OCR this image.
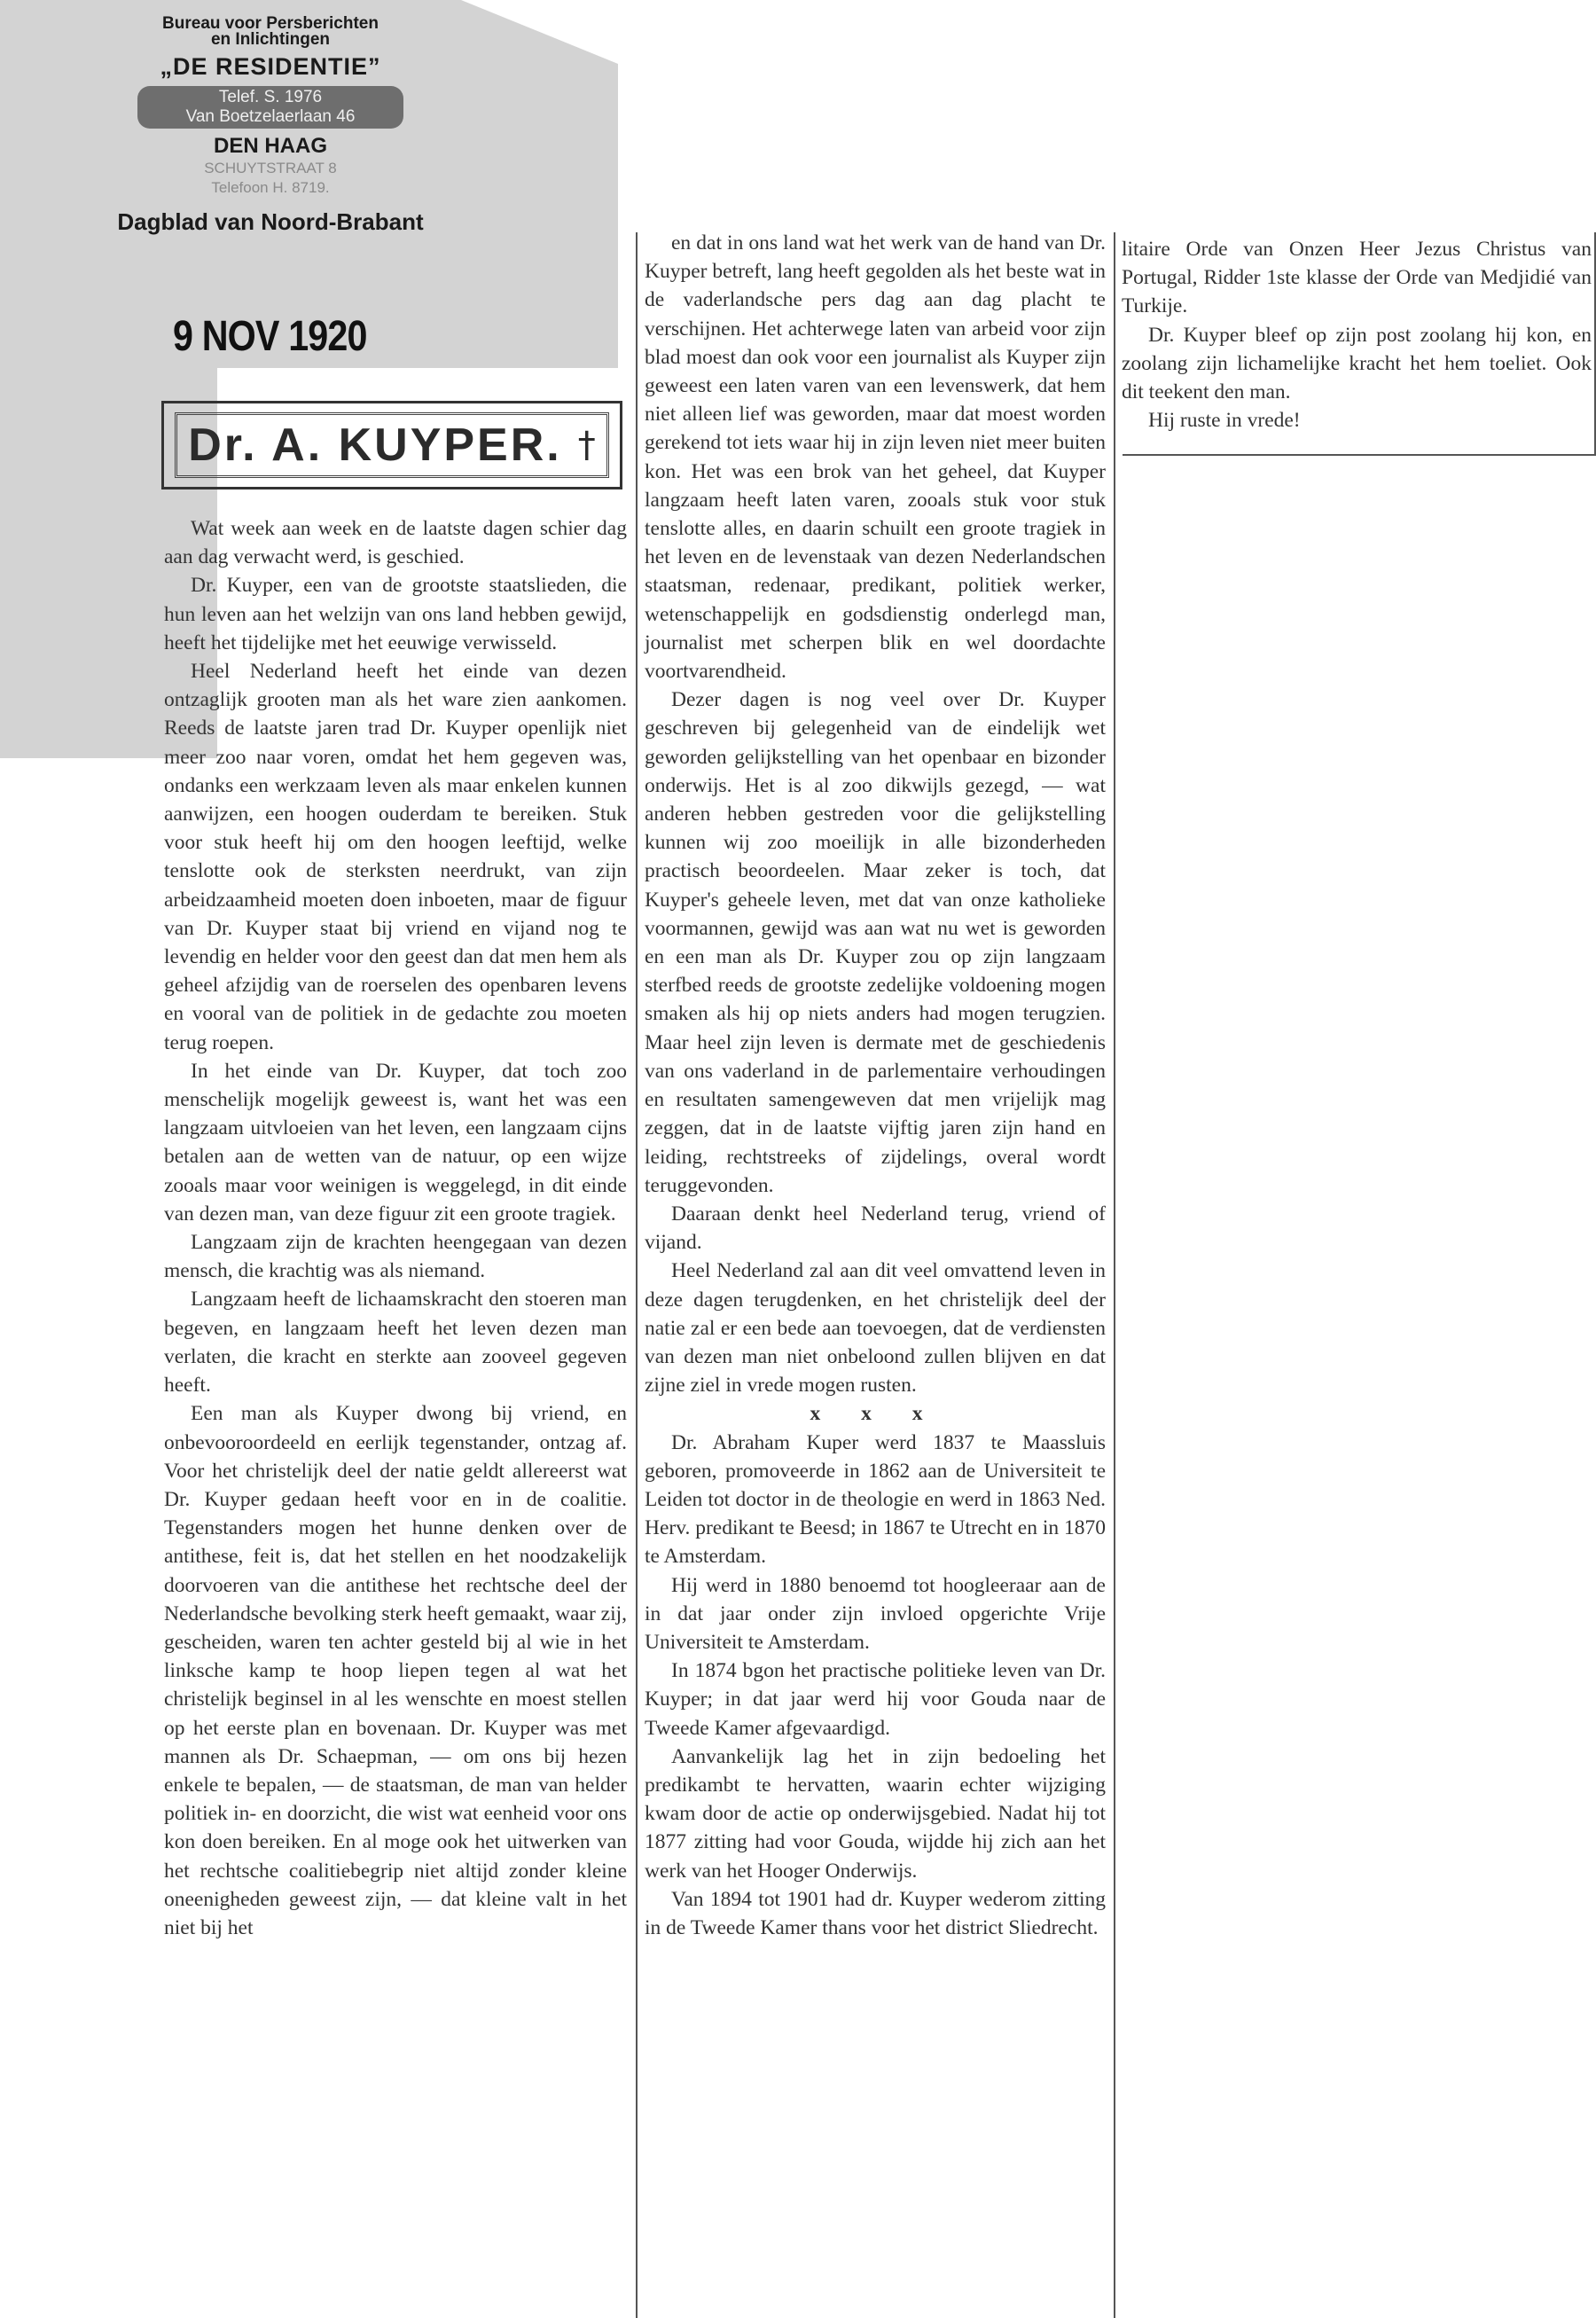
Bureau voor Persberichten
en Inlichtingen
„DE RESIDENTIE”
Telef. S. 1976
Van Boetzelaerlaan 46
DEN HAAG
SCHUYTSTRAAT 8
Telefoon H. 8719.
Dagblad van Noord-Brabant
9 NOV 1920
Dr. A. KUYPER. †

Wat week aan week en de laatste dagen schier dag aan dag verwacht werd, is geschied.

Dr. Kuyper, een van de grootste staatslieden, die hun leven aan het welzijn van ons land hebben gewijd, heeft het tijdelijke met het eeuwige verwisseld.

Heel Nederland heeft het einde van dezen ontzaglijk grooten man als het ware zien aankomen. Reeds de laatste jaren trad Dr. Kuyper openlijk niet meer zoo naar voren, omdat het hem gegeven was, ondanks een werkzaam leven als maar enkelen kunnen aanwijzen, een hoogen ouderdam te bereiken. Stuk voor stuk heeft hij om den hoogen leeftijd, welke tenslotte ook de sterksten neerdrukt, van zijn arbeidzaamheid moeten doen inboeten, maar de figuur van Dr. Kuyper staat bij vriend en vijand nog te levendig en helder voor den geest dan dat men hem als geheel afzijdig van de roerselen des openbaren levens en vooral van de politiek in de gedachte zou moeten terug roepen.

In het einde van Dr. Kuyper, dat toch zoo menschelijk mogelijk geweest is, want het was een langzaam uitvloeien van het leven, een langzaam cijns betalen aan de wetten van de natuur, op een wijze zooals maar voor weinigen is weggelegd, in dit einde van dezen man, van deze figuur zit een groote tragiek.

Langzaam zijn de krachten heengegaan van dezen mensch, die krachtig was als niemand.

Langzaam heeft de lichaamskracht den stoeren man begeven, en langzaam heeft het leven dezen man verlaten, die kracht en sterkte aan zooveel gegeven heeft.

Een man als Kuyper dwong bij vriend, en onbevooroordeeld en eerlijk tegenstander, ontzag af. Voor het christelijk deel der natie geldt allereerst wat Dr. Kuyper gedaan heeft voor en in de coalitie. Tegenstanders mogen het hunne denken over de antithese, feit is, dat het stellen en het noodzakelijk doorvoeren van die antithese het rechtsche deel der Nederlandsche bevolking sterk heeft gemaakt, waar zij, gescheiden, waren ten achter gesteld bij al wie in het linksche kamp te hoop liepen tegen al wat het christelijk beginsel in al les wenschte en moest stellen op het eerste plan en bovenaan. Dr. Kuyper was met mannen als Dr. Schaepman, — om ons bij hezen enkele te bepalen, — de staatsman, de man van helder politiek in- en doorzicht, die wist wat eenheid voor ons kon doen bereiken. En al moge ook het uitwerken van het rechtsche coalitiebegrip niet altijd zonder kleine oneenigheden geweest zijn, — dat kleine valt in het niet bij het

en dat in ons land wat het werk van de hand van Dr. Kuyper betreft, lang heeft gegolden als het beste wat in de vaderlandsche pers dag aan dag placht te verschijnen. Het achterwege laten van arbeid voor zijn blad moest dan ook voor een journalist als Kuyper zijn geweest een laten varen van een levenswerk, dat hem niet alleen lief was geworden, maar dat moest worden gerekend tot iets waar hij in zijn leven niet meer buiten kon. Het was een brok van het geheel, dat Kuyper langzaam heeft laten varen, zooals stuk voor stuk tenslotte alles, en daarin schuilt een groote tragiek in het leven en de levenstaak van dezen Nederlandschen staatsman, redenaar, predikant, politiek werker, wetenschappelijk en godsdienstig onderlegd man, journalist met scherpen blik en wel doordachte voortvarendheid.

Dezer dagen is nog veel over Dr. Kuyper geschreven bij gelegenheid van de eindelijk wet geworden gelijkstelling van het openbaar en bizonder onderwijs. Het is al zoo dikwijls gezegd, — wat anderen hebben gestreden voor die gelijkstelling kunnen wij zoo moeilijk in alle bizonderheden practisch beoordeelen. Maar zeker is toch, dat Kuyper's geheele leven, met dat van onze katholieke voormannen, gewijd was aan wat nu wet is geworden en een man als Dr. Kuyper zou op zijn langzaam sterfbed reeds de grootste zedelijke voldoening mogen smaken als hij op niets anders had mogen terugzien. Maar heel zijn leven is dermate met de geschiedenis van ons vaderland in de parlementaire verhoudingen en resultaten samengeweven dat men vrijelijk mag zeggen, dat in de laatste vijftig jaren zijn hand en leiding, rechtstreeks of zijdelings, overal wordt teruggevonden.

Daaraan denkt heel Nederland terug, vriend of vijand.

Heel Nederland zal aan dit veel omvattend leven in deze dagen terugdenken, en het christelijk deel der natie zal er een bede aan toevoegen, dat de verdiensten van dezen man niet onbeloond zullen blijven en dat zijne ziel in vrede mogen rusten.

x x x

Dr. Abraham Kuper werd 1837 te Maassluis geboren, promoveerde in 1862 aan de Universiteit te Leiden tot doctor in de theologie en werd in 1863 Ned. Herv. predikant te Beesd; in 1867 te Utrecht en in 1870 te Amsterdam.

Hij werd in 1880 benoemd tot hoogleeraar aan de in dat jaar onder zijn invloed opgerichte Vrije Universiteit te Amsterdam.

In 1874 bgon het practische politieke leven van Dr. Kuyper; in dat jaar werd hij voor Gouda naar de Tweede Kamer afgevaardigd.

Aanvankelijk lag het in zijn bedoeling het predikambt te hervatten, waarin echter wijziging kwam door de actie op onderwijsgebied. Nadat hij tot 1877 zitting had voor Gouda, wijdde hij zich aan het werk van het Hooger Onderwijs.

Van 1894 tot 1901 had dr. Kuyper wederom zitting in de Tweede Kamer thans voor het district Sliedrecht.

litaire Orde van Onzen Heer Jezus Christus van Portugal, Ridder 1ste klasse der Orde van Medjidié van Turkije.

Dr. Kuyper bleef op zijn post zoolang hij kon, en zoolang zijn lichamelijke kracht het hem toeliet. Ook dit teekent den man.

Hij ruste in vrede!
